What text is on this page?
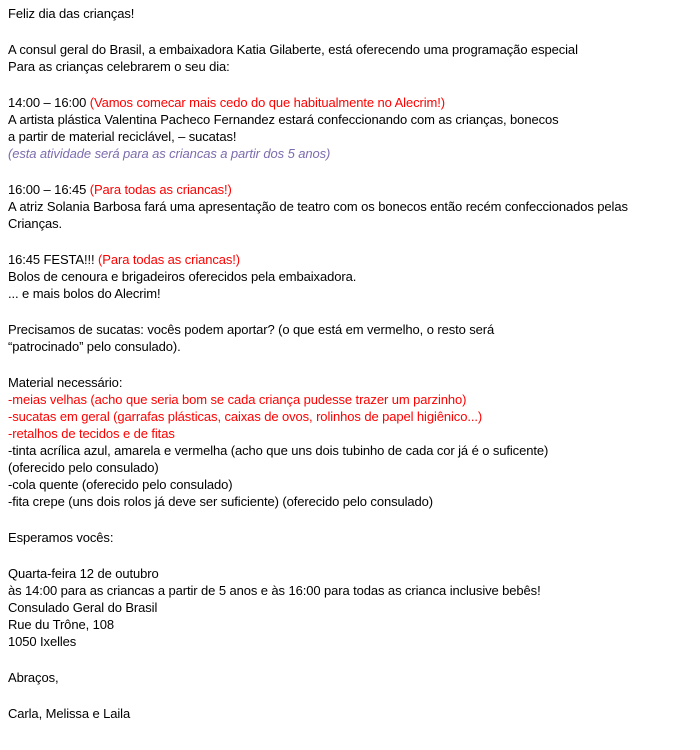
Feliz dia das crianças!
A consul geral do Brasil, a embaixadora Katia Gilaberte, está oferecendo uma programação especial
Para as crianças celebrarem o seu dia:
14:00 – 16:00 (Vamos comecar mais cedo do que habitualmente no Alecrim!)
A artista plástica Valentina Pacheco Fernandez estará confeccionando com as crianças, bonecos
a partir de material reciclável, – sucatas!
(esta atividade será para as criancas a partir dos 5 anos)
16:00 – 16:45 (Para todas as criancas!)
A atriz Solania Barbosa fará uma apresentação de teatro com os bonecos então recém confeccionados pelas
Crianças.
16:45 FESTA!!! (Para todas as criancas!)
Bolos de cenoura e brigadeiros oferecidos pela embaixadora.
... e mais bolos do Alecrim!
Precisamos de sucatas: vocês podem aportar? (o que está em vermelho, o resto será
“patrocinado” pelo consulado).
Material necessário:
-meias velhas (acho que seria bom se cada criança pudesse trazer um parzinho)
-sucatas em geral (garrafas plásticas, caixas de ovos, rolinhos de papel higiênico...)
-retalhos de tecidos e de fitas
-tinta acrílica azul, amarela e vermelha (acho que uns dois tubinho de cada cor já é o suficente)
(oferecido pelo consulado)
-cola quente (oferecido pelo consulado)
-fita crepe (uns dois rolos já deve ser suficiente) (oferecido pelo consulado)
Esperamos vocês:
Quarta-feira 12 de outubro
às 14:00 para as criancas a partir de 5 anos e às 16:00 para todas as crianca inclusive bebês!
Consulado Geral do Brasil
Rue du Trône, 108
1050 Ixelles
Abraços,
Carla, Melissa e Laila
